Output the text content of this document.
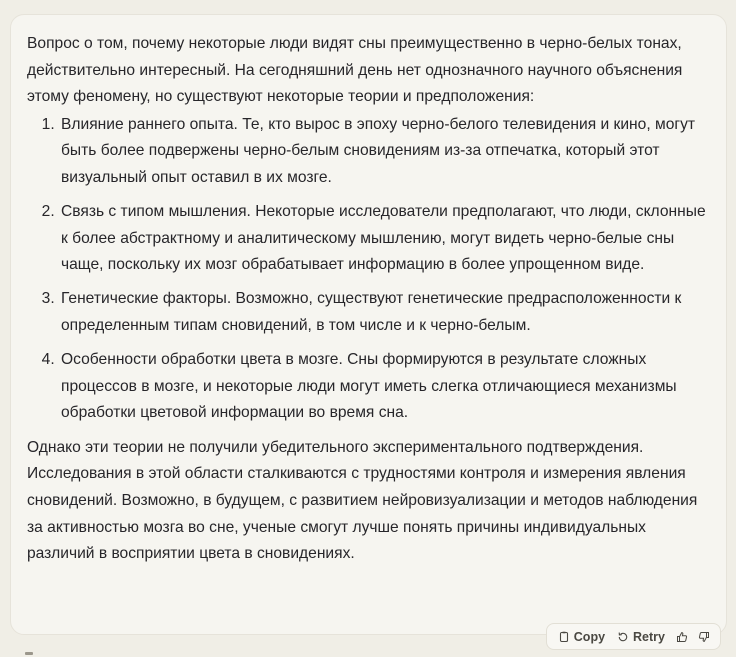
Вопрос о том, почему некоторые люди видят сны преимущественно в черно-белых тонах, действительно интересный. На сегодняшний день нет однозначного научного объяснения этому феномену, но существуют некоторые теории и предположения:

1. Влияние раннего опыта. Те, кто вырос в эпоху черно-белого телевидения и кино, могут быть более подвержены черно-белым сновидениям из-за отпечатка, который этот визуальный опыт оставил в их мозге.
2. Связь с типом мышления. Некоторые исследователи предполагают, что люди, склонные к более абстрактному и аналитическому мышлению, могут видеть черно-белые сны чаще, поскольку их мозг обрабатывает информацию в более упрощенном виде.
3. Генетические факторы. Возможно, существуют генетические предрасположенности к определенным типам сновидений, в том числе и к черно-белым.
4. Особенности обработки цвета в мозге. Сны формируются в результате сложных процессов в мозге, и некоторые люди могут иметь слегка отличающиеся механизмы обработки цветовой информации во время сна.

Однако эти теории не получили убедительного экспериментального подтверждения. Исследования в этой области сталкиваются с трудностями контроля и измерения явления сновидений. Возможно, в будущем, с развитием нейровизуализации и методов наблюдения за активностью мозга во сне, ученые смогут лучше понять причины индивидуальных различий в восприятии цвета в сновидениях.

Copy Retry
